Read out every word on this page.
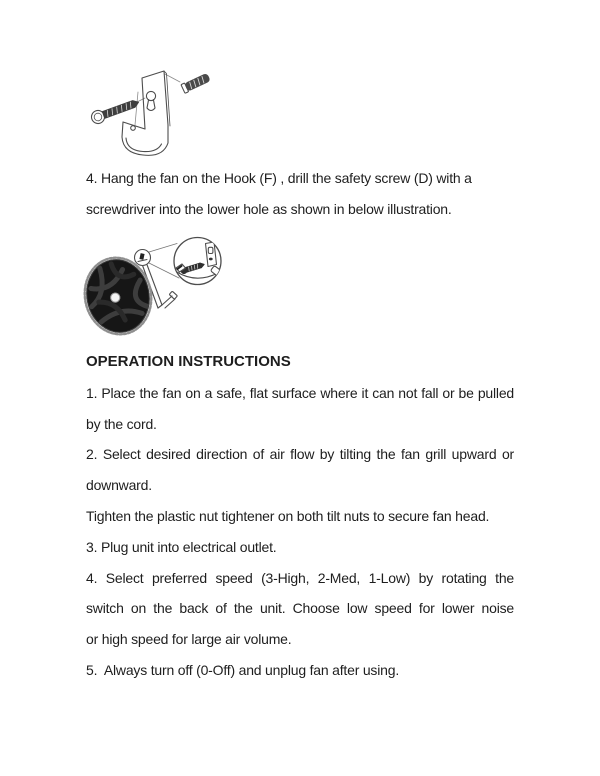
4. Hang the fan on the Hook (F) , drill the safety screw (D) with a
screwdriver into the lower hole as shown in below illustration.
OPERATION INSTRUCTIONS
1. Place the fan on a safe, flat surface where it can not fall or be pulled
by the cord.
2. Select desired direction of air flow by tilting the fan grill upward or
downward.
Tighten the plastic nut tightener on both tilt nuts to secure fan head.
3. Plug unit into electrical outlet.
4. Select preferred speed (3-High, 2-Med, 1-Low) by rotating the
switch on the back of the unit. Choose low speed for lower noise
or high speed for large air volume.
5.  Always turn off (0-Off) and unplug fan after using.
